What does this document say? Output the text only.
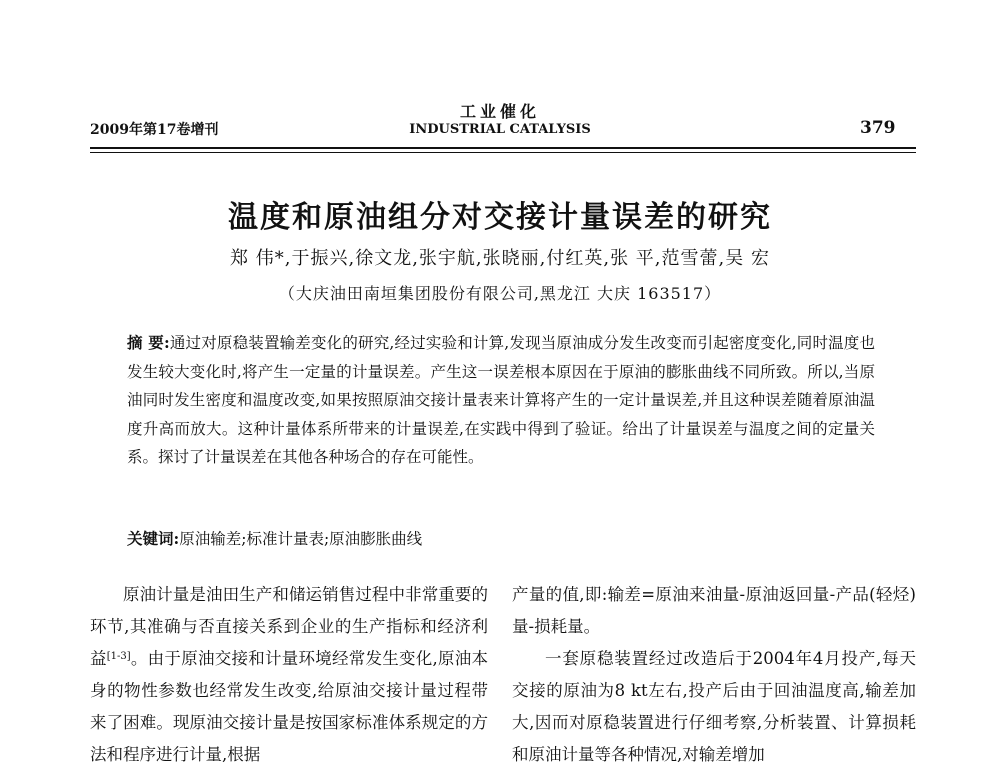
2009年第17卷增刊
工业催化
INDUSTRIAL CATALYSIS	379
温度和原油组分对交接计量误差的研究
郑 伟*,于振兴,徐文龙,张宇航,张晓丽,付红英,张 平,范雪蕾,吴 宏
（大庆油田南垣集团股份有限公司,黑龙江 大庆 163517）
摘 要:通过对原稳装置输差变化的研究,经过实验和计算,发现当原油成分发生改变而引起密度变化,同时温度也发生较大变化时,将产生一定量的计量误差。产生这一误差根本原因在于原油的膨胀曲线不同所致。所以,当原油同时发生密度和温度改变,如果按照原油交接计量表来计算将产生的一定计量误差,并且这种误差随着原油温度升高而放大。这种计量体系所带来的计量误差,在实践中得到了验证。给出了计量误差与温度之间的定量关系。探讨了计量误差在其他各种场合的存在可能性。
关键词:原油输差;标准计量表;原油膨胀曲线

原油计量是油田生产和储运销售过程中非常重要的环节,其准确与否直接关系到企业的生产指标和经济利益[1-3]。由于原油交接和计量环境经常发生变化,原油本身的物性参数也经常发生改变,给原油交接计量过程带来了困难。现原油交接计量是按国家标准体系规定的方法和程序进行计量,根据

产量的值,即:输差=原油来油量-原油返回量-产品(轻烃)量-损耗量。

一套原稳装置经过改造后于2004年4月投产,每天交接的原油为8 kt左右,投产后由于回油温度高,输差加大,因而对原稳装置进行仔细考察,分析装置、计算损耗和原油计量等各种情况,对输差增加
